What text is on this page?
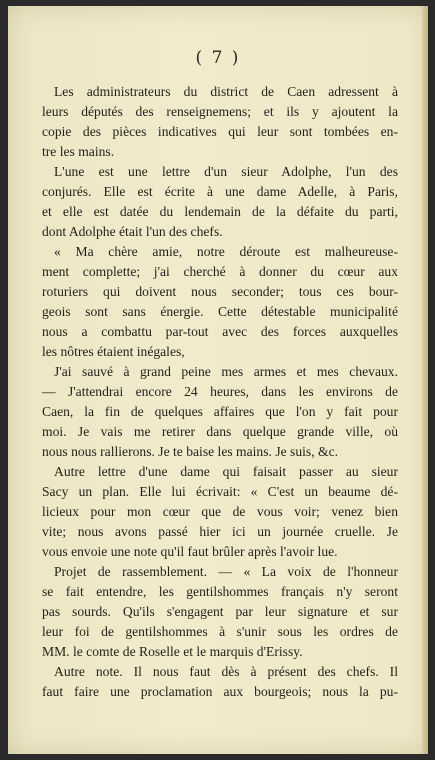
( 7 )
Les administrateurs du district de Caen adressent à
leurs députés des renseignemens; et ils y ajoutent la
copie des pièces indicatives qui leur sont tombées en-
tre les mains.
L'une est une lettre d'un sieur Adolphe, l'un des
conjurés. Elle est écrite à une dame Adelle, à Paris,
et elle est datée du lendemain de la défaite du parti,
dont Adolphe était l'un des chefs.
« Ma chère amie, notre déroute est malheureuse-
ment complette; j'ai cherché à donner du cœur aux
roturiers qui doivent nous seconder; tous ces bour-
geois sont sans énergie. Cette détestable municipalité
nous a combattu par-tout avec des forces auxquelles
les nôtres étaient inégales,
J'ai sauvé à grand peine mes armes et mes chevaux.
— J'attendrai encore 24 heures, dans les environs de
Caen, la fin de quelques affaires que l'on y fait pour
moi. Je vais me retirer dans quelque grande ville, où
nous nous rallierons. Je te baise les mains. Je suis, &c.
Autre lettre d'une dame qui faisait passer au sieur
Sacy un plan. Elle lui écrivait: « C'est un beaume dé-
licieux pour mon cœur que de vous voir; venez bien
vite; nous avons passé hier ici un journée cruelle. Je
vous envoie une note qu'il faut brûler après l'avoir lue.
Projet de rassemblement. — « La voix de l'honneur
se fait entendre, les gentilshommes français n'y seront
pas sourds. Qu'ils s'engagent par leur signature et sur
leur foi de gentilshommes à s'unir sous les ordres de
MM. le comte de Roselle et le marquis d'Erissy.
Autre note. Il nous faut dès à présent des chefs. Il
faut faire une proclamation aux bourgeois; nous la pu-
